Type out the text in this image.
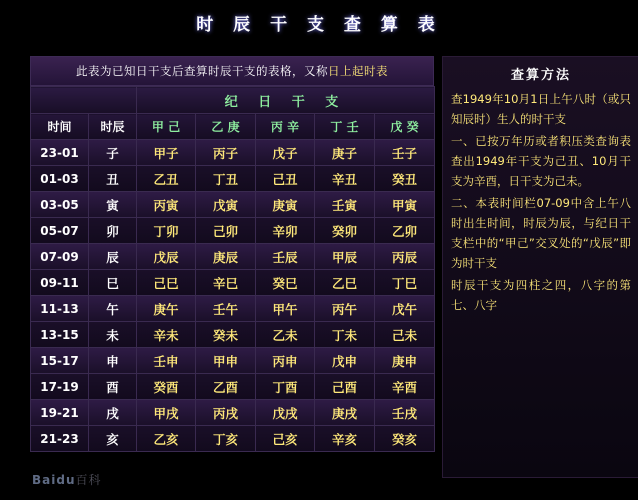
时 辰 干 支 查 算 表
此表为已知日干支后查算时辰干支的表格，又称日上起时表
		纪 日 干 支				
时间	时辰	甲 己	乙 庚	丙 辛	丁 壬	戊 癸
23-01	子	甲子	丙子	戊子	庚子	壬子
01-03	丑	乙丑	丁丑	己丑	辛丑	癸丑
03-05	寅	丙寅	戊寅	庚寅	壬寅	甲寅
05-07	卯	丁卯	己卯	辛卯	癸卯	乙卯
07-09	辰	戊辰	庚辰	壬辰	甲辰	丙辰
09-11	巳	己巳	辛巳	癸巳	乙巳	丁巳
11-13	午	庚午	壬午	甲午	丙午	戊午
13-15	未	辛未	癸未	乙未	丁未	己未
15-17	申	壬申	甲申	丙申	戊申	庚申
17-19	酉	癸酉	乙酉	丁酉	己酉	辛酉
19-21	戌	甲戌	丙戌	戊戌	庚戌	壬戌
21-23	亥	乙亥	丁亥	己亥	辛亥	癸亥
查算方法

查1949年10月1日上午八时（或只知辰时）生人的时干支

一、已按万年历或者积压类查询表查出1949年干支为己丑、10月干支为辛酉，日干支为己未。

二、本表时间栏07-09中含上午八时出生时间，时辰为辰，与纪日干支栏中的“甲己”交叉处的“戊辰”即为时干支

时辰干支为四柱之四，八字的第七、八字

Baidu百科
